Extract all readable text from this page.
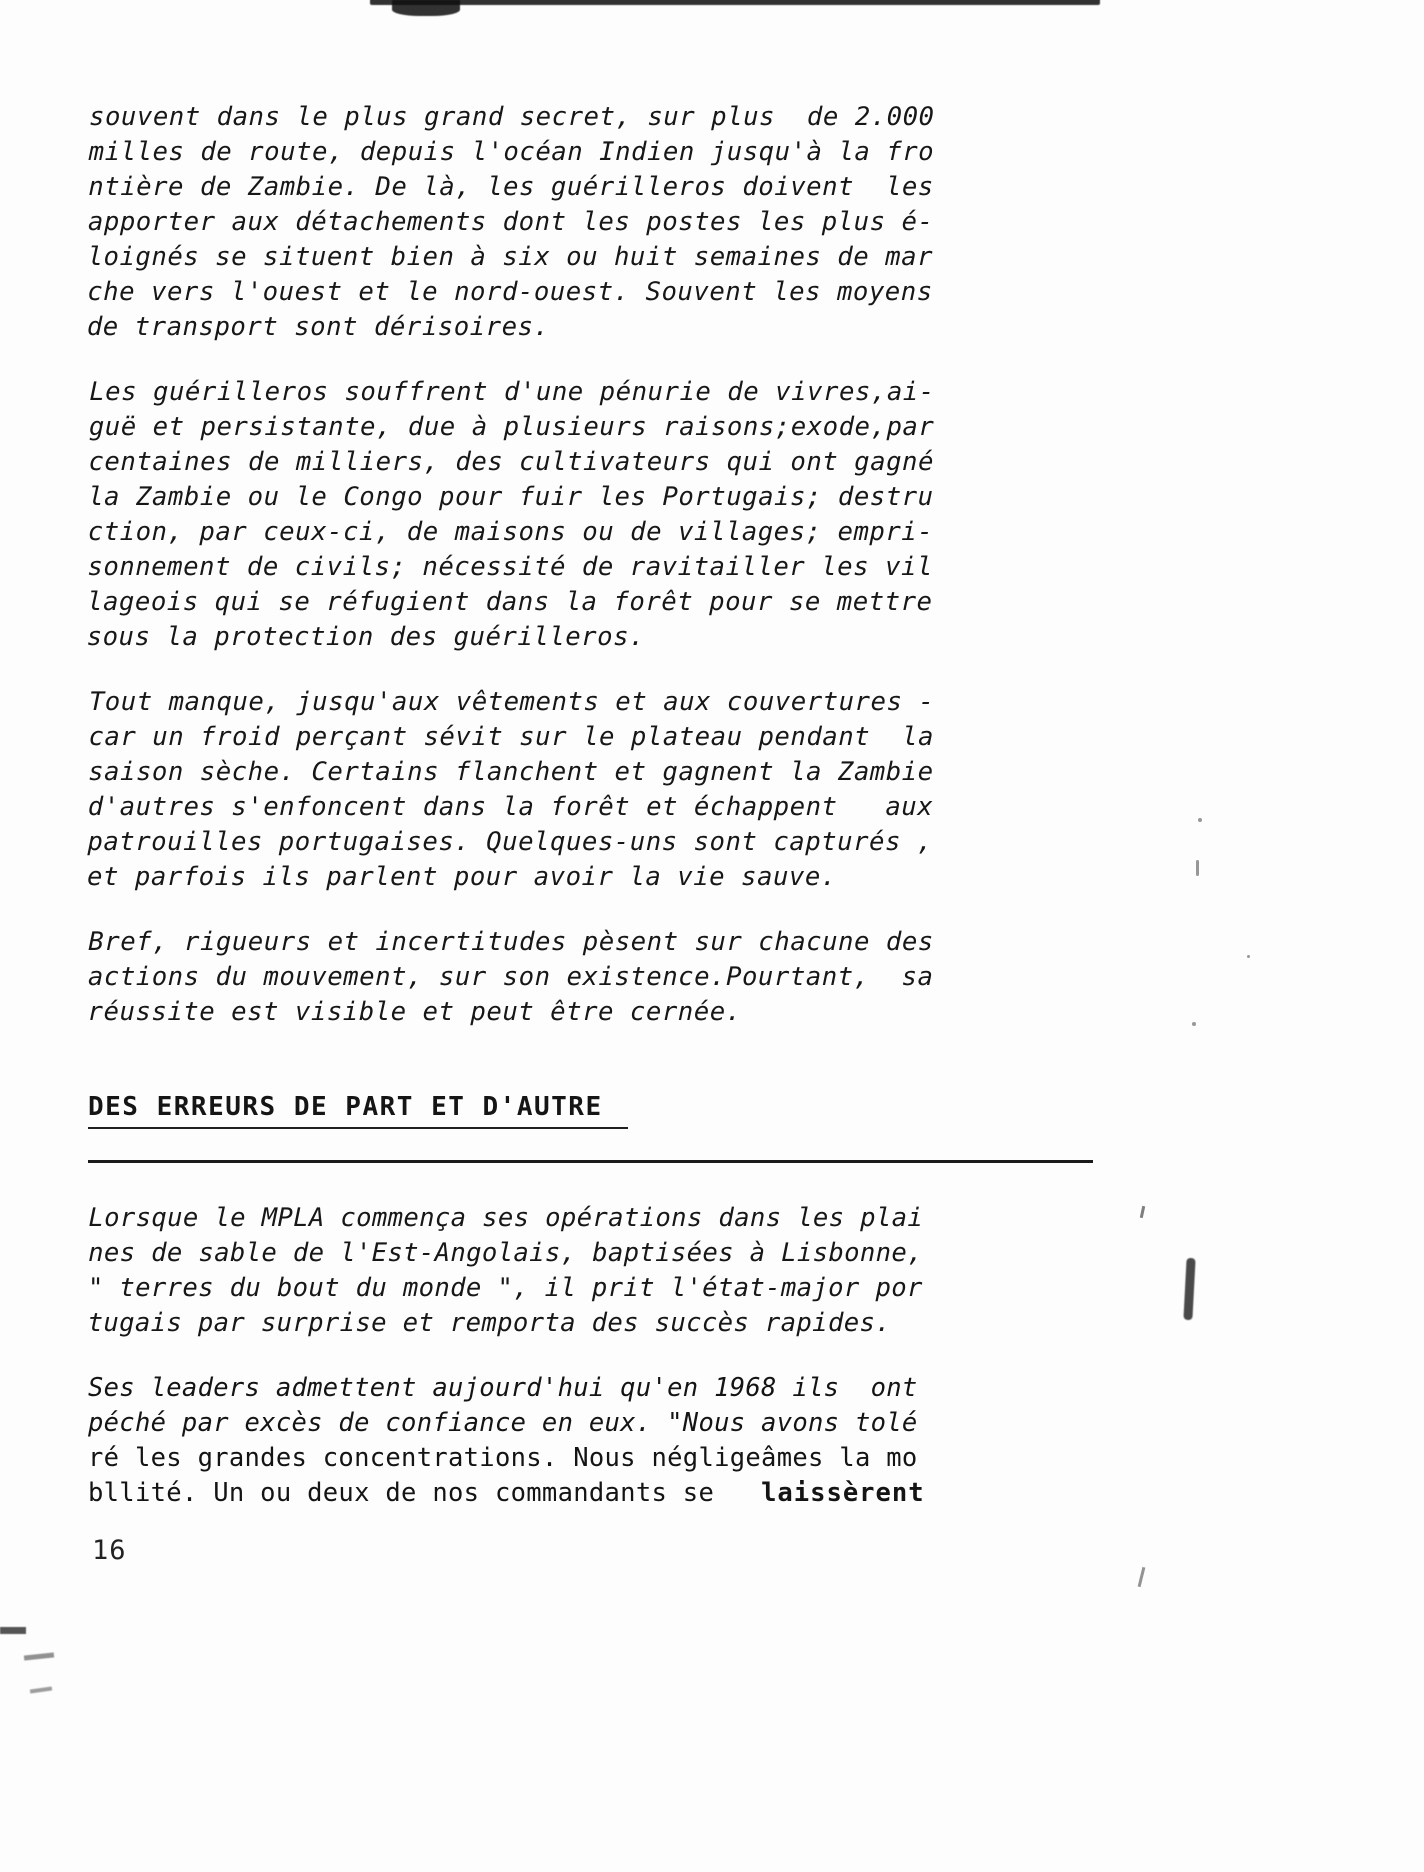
souvent dans le plus grand secret, sur plus  de 2.000
milles de route, depuis l'océan Indien jusqu'à la fro
ntière de Zambie. De là, les guérilleros doivent  les
apporter aux détachements dont les postes les plus é-
loignés se situent bien à six ou huit semaines de mar
che vers l'ouest et le nord-ouest. Souvent les moyens
de transport sont dérisoires.

Les guérilleros souffrent d'une pénurie de vivres,ai-
guë et persistante, due à plusieurs raisons;exode,par
centaines de milliers, des cultivateurs qui ont gagné
la Zambie ou le Congo pour fuir les Portugais; destru
ction, par ceux-ci, de maisons ou de villages; empri-
sonnement de civils; nécessité de ravitailler les vil
lageois qui se réfugient dans la forêt pour se mettre
sous la protection des guérilleros.

Tout manque, jusqu'aux vêtements et aux couvertures -
car un froid perçant sévit sur le plateau pendant  la
saison sèche. Certains flanchent et gagnent la Zambie
d'autres s'enfoncent dans la forêt et échappent   aux
patrouilles portugaises. Quelques-uns sont capturés ,
et parfois ils parlent pour avoir la vie sauve.

Bref, rigueurs et incertitudes pèsent sur chacune des
actions du mouvement, sur son existence.Pourtant,  sa
réussite est visible et peut être cernée.

DES ERREURS DE PART ET D'AUTRE

Lorsque le MPLA commença ses opérations dans les plai
nes de sable de l'Est-Angolais, baptisées à Lisbonne,
" terres du bout du monde ", il prit l'état-major por
tugais par surprise et remporta des succès rapides.

Ses leaders admettent aujourd'hui qu'en 1968 ils  ont
péché par excès de confiance en eux. "Nous avons tolé
ré les grandes concentrations. Nous négligeâmes la mo
bllité. Un ou deux de nos commandants se   laissèrent

16
